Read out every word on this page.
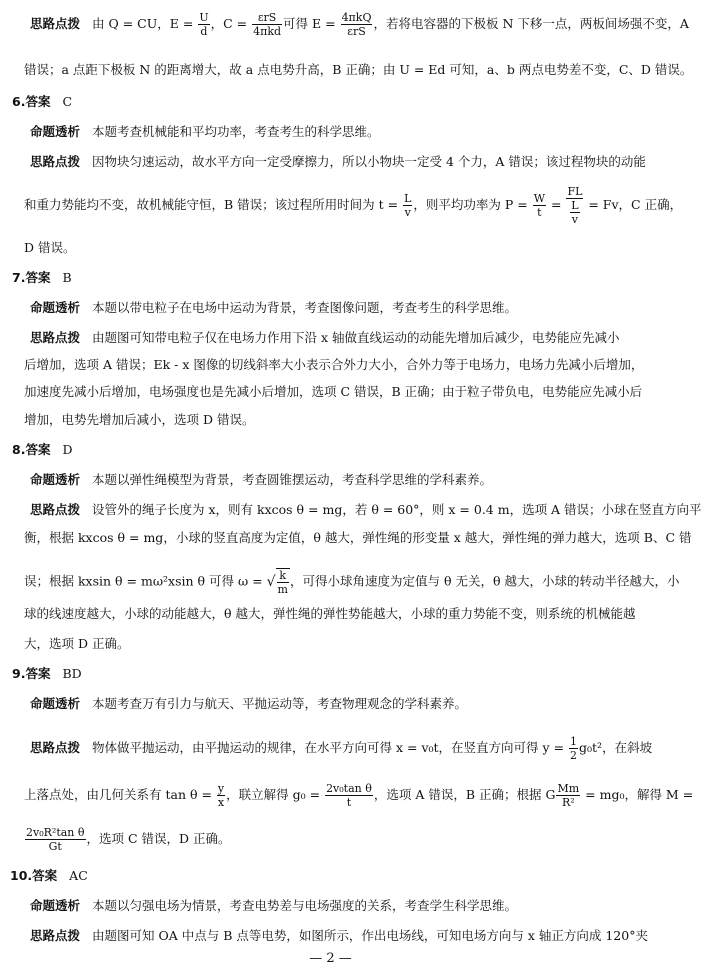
思路点拨 由 Q = CU，$E = \frac{U}{d}$ ，$C = \frac{\text{εrS}}{\text{4πkd}}$ 可得 $E = \frac{\text{4πkQ}}{\text{εrS}}$ ，若将电容器的下极板 N 下移一点，两板间场强不变，A
错误；a 点距下极板 N 的距离增大，故 a 点电势升高，B 正确；由 U = Ed 可知，a、b 两点电势差不变，C、D 错误。
6.答案 C
命题透析 本题考查机械能和平均功率，考查考生的科学思维。
思路点拨 因物块匀速运动，故水平方向一定受摩擦力，所以小物块一定受 4 个力，A 错误；该过程物块的动能
和重力势能均不变，故机械能守恒，B 错误；该过程所用时间为 $t = \frac{L}{v}$ ，则平均功率为 $P = \frac{W}{t} = \frac{FL}{\frac{L}{v}} = Fv$，C 正确，
D 错误。
7.答案 B
命题透析 本题以带电粒子在电场中运动为背景，考查图像问题，考查考生的科学思维。
思路点拨 由题图可知带电粒子仅在电场力作用下沿 x 轴做直线运动的动能先增加后减少，电势能应先减小
后增加，选项 A 错误；Ek - x 图像的切线斜率大小表示合外力大小，合外力等于电场力，电场力先减小后增加，
加速度先减小后增加，电场强度也是先减小后增加，选项 C 错误，B 正确；由于粒子带负电，电势能应先减小后
增加，电势先增加后减小，选项 D 错误。
8.答案 D
命题透析 本题以弹性绳模型为背景，考查圆锥摆运动，考查科学思维的学科素养。
思路点拨 设管外的绳子长度为 x，则有 kxcos θ = mg，若 θ = 60°，则 x = 0.4 m，选项 A 错误；小球在竖直方向平
衡，根据 kxcos θ = mg，小球的竖直高度为定值，θ 越大，弹性绳的形变量 x 越大，弹性绳的弹力越大，选项 B、C 错
误；根据 kxsin θ = mω²xsin θ 可得 ω = √ $\frac{k}{m}$ ，可得小球角速度为定值与 θ 无关，θ 越大，小球的转动半径越大，小
球的线速度越大，小球的动能越大，θ 越大，弹性绳的弹性势能越大，小球的重力势能不变，则系统的机械能越
大，选项 D 正确。
9.答案 BD
命题透析 本题考查万有引力与航天、平抛运动等，考查物理观念的学科素养。
思路点拨 物体做平抛运动，由平抛运动的规律，在水平方向可得 x = v₀t，在竖直方向可得 $y = \frac{1}{2} g_0t^2$，在斜坡
上落点处，由几何关系有 $\tan \theta = \frac{y}{x}$ ，联立解得 $g_0 = \frac{\text{2v₀tan θ}}{t}$ ，选项 A 错误，B 正确；根据 G $\frac{Mm}{\text{R²}} = mg_0$，解得 M =
$\frac{\text{2v₀R²tan θ}}{Gt}$ ，选项 C 错误，D 正确。
10.答案 AC
命题透析 本题以匀强电场为情景，考查电势差与电场强度的关系，考查学生科学思维。
思路点拨 由题图可知 OA 中点与 B 点等电势，如图所示，作出电场线，可知电场方向与 x 轴正方向成 120°夹
— 2 —
